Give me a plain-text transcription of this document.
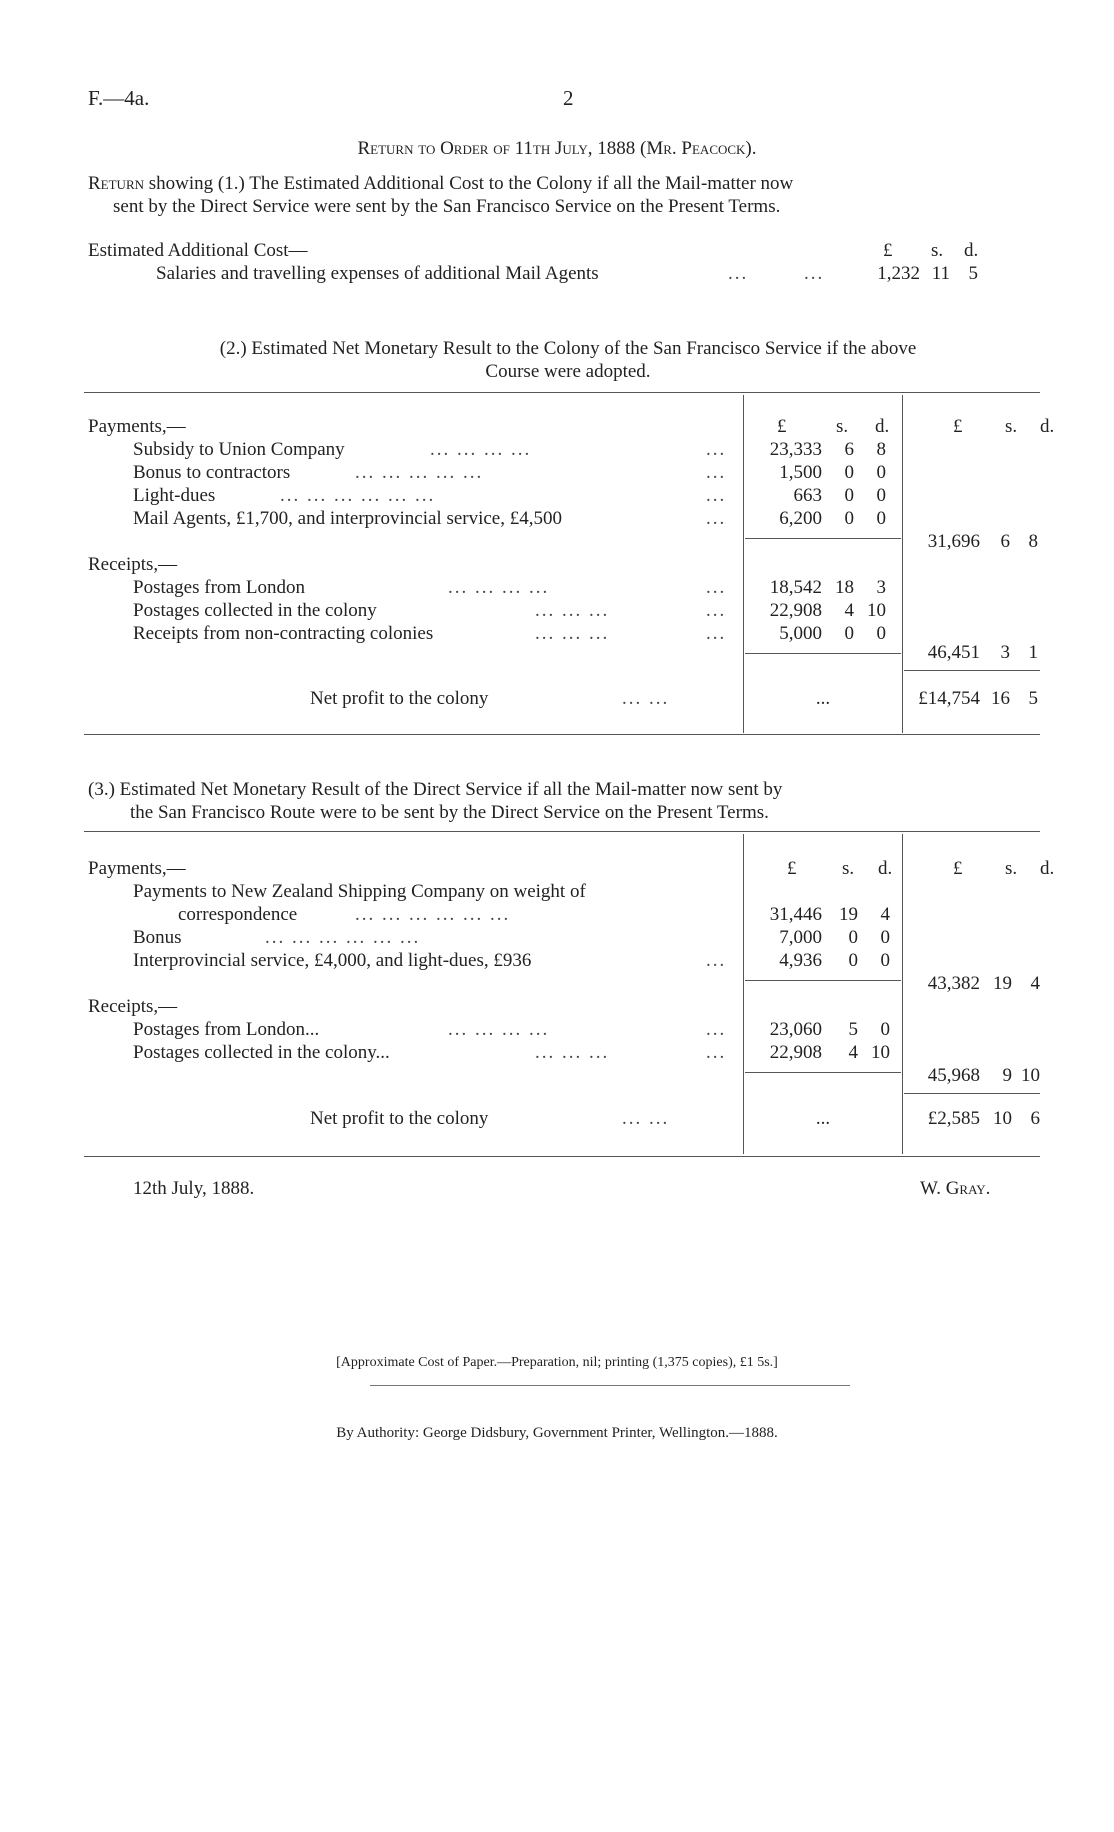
F.—4a.	2
Return to Order of 11th July, 1888 (Mr. Peacock).
Return showing (1.) The Estimated Additional Cost to the Colony if all the Mail-matter now
sent by the Direct Service were sent by the San Francisco Service on the Present Terms.
Estimated Additional Cost—	£ s. d.
Salaries and travelling expenses of additional Mail Agents	...	...	1,232 11 5
(2.) Estimated Net Monetary Result to the Colony of the San Francisco Service if the above
Course were adopted.
£	s. d.	£ s. d.
Payments,—
Subsidy to Union Company	... ... ... ...	...	23,333	6	8
Bonus to contractors	... ... ... ... ...	...	1,500	0	0
Light-dues	... ... ... ... ... ...	...	663	0	0
Mail Agents, £1,700, and interprovincial service, £4,500	...	6,200	0	0
31,696	6 8
Receipts,—
Postages from London	... ... ... ...	...	18,542 18	3
Postages collected in the colony	... ... ...	...	22,908	4 10
Receipts from non-contracting colonies	... ... ...	...	5,000	0	0
46,451	3 1
Net profit to the colony	... ...	...	£14,754 16 5
(3.) Estimated Net Monetary Result of the Direct Service if all the Mail-matter now sent by
the San Francisco Route were to be sent by the Direct Service on the Present Terms.
£ s. d.	£ s. d.
Payments,—
Payments to New Zealand Shipping Company on weight of
correspondence	... ... ... ... ... ...	31,446 19	4
Bonus	... ... ... ... ... ...	7,000	0	0
Interprovincial service, £4,000, and light-dues, £936	...	4,936	0	0
43,382 19 4
Receipts,—
Postages from London...	... ... ... ...	...	23,060	5	0
Postages collected in the colony...	... ... ...	...	22,908	4 10
45,968	9 10
Net profit to the colony	... ...	...	£2,585 10 6
12th July, 1888.	W. Gray.
[Approximate Cost of Paper.—Preparation, nil; printing (1,375 copies), £1 5s.]
By Authority: George Didsbury, Government Printer, Wellington.—1888.
